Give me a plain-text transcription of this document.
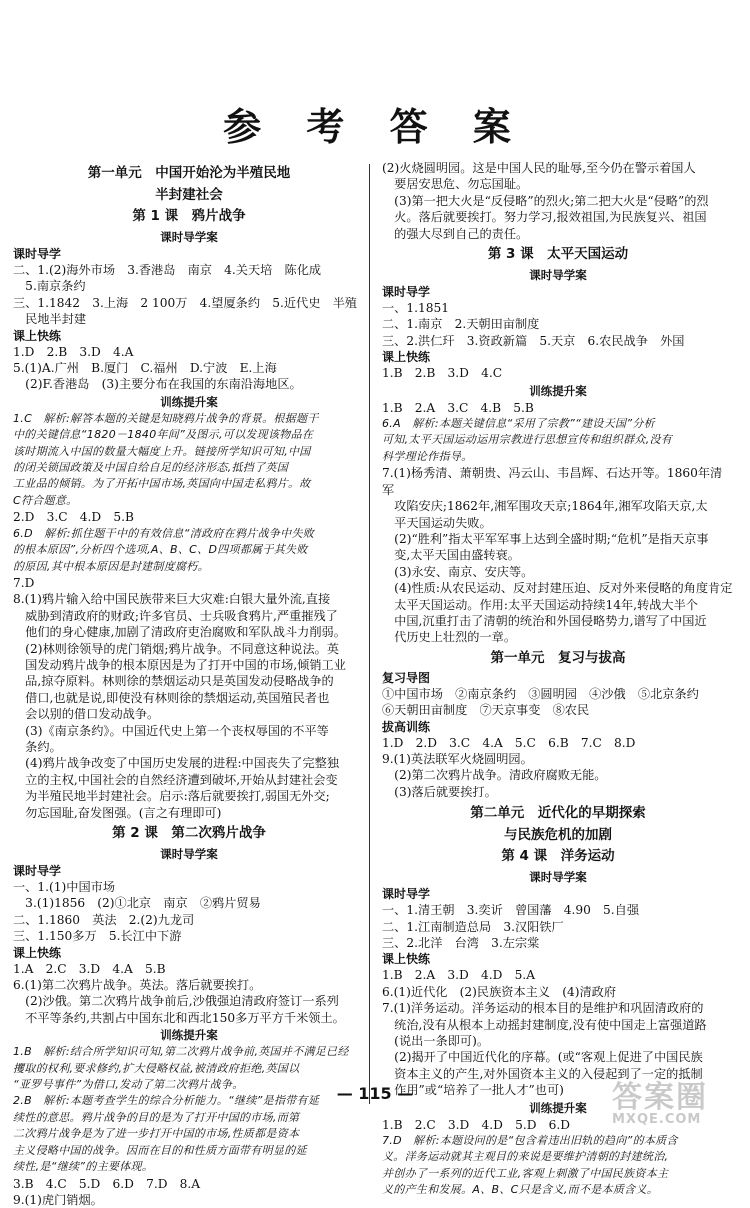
参 考 答 案
第一单元　中国开始沦为半殖民地
半封建社会
第 1 课　鸦片战争
课时导学案
课时导学
二、1.(2)海外市场　3.香港岛　南京　4.关天培　陈化成
　5.南京条约
三、1.1842　3.上海　2 100万　4.望厦条约　5.近代史　半殖
　民地半封建
课上快练
1.D　2.B　3.D　4.A
5.(1)A.广州　B.厦门　C.福州　D.宁波　E.上海
　(2)F.香港岛　(3)主要分布在我国的东南沿海地区。
训练提升案
1.C　解析:解答本题的关键是知晓鸦片战争的背景。根据题干
中的关键信息“1820－1840年间”及图示,可以发现该物品在
该时期流入中国的数量大幅度上升。链接所学知识可知,中国
的闭关锁国政策及中国自给自足的经济形态,抵挡了英国
工业品的倾销。为了开拓中国市场,英国向中国走私鸦片。故
C符合题意。
2.D　3.C　4.D　5.B
6.D　解析:抓住题干中的有效信息“清政府在鸦片战争中失败
的根本原因”,分析四个选项,A、B、C、D四项都属于其失败
的原因,其中根本原因是封建制度腐朽。
7.D
8.(1)鸦片输入给中国民族带来巨大灾难:白银大量外流,直接
　威胁到清政府的财政;许多官员、士兵吸食鸦片,严重摧残了
　他们的身心健康,加剧了清政府吏治腐败和军队战斗力削弱。
　(2)林则徐领导的虎门销烟;鸦片战争。不同意这种说法。英
　国发动鸦片战争的根本原因是为了打开中国的市场,倾销工业
　品,掠夺原料。林则徐的禁烟运动只是英国发动侵略战争的
　借口,也就是说,即使没有林则徐的禁烟运动,英国殖民者也
　会以别的借口发动战争。
　(3)《南京条约》。中国近代史上第一个丧权辱国的不平等
　条约。
　(4)鸦片战争改变了中国历史发展的进程:中国丧失了完整独
　立的主权,中国社会的自然经济遭到破坏,开始从封建社会变
　为半殖民地半封建社会。启示:落后就要挨打,弱国无外交;
　勿忘国耻,奋发图强。(言之有理即可)
第 2 课　第二次鸦片战争
课时导学案
课时导学
一、1.(1)中国市场
　3.(1)1856　(2)①北京　南京　②鸦片贸易
二、1.1860　英法　2.(2)九龙司
三、1.150多万　5.长江中下游
课上快练
1.A　2.C　3.D　4.A　5.B
6.(1)第二次鸦片战争。英法。落后就要挨打。
　(2)沙俄。第二次鸦片战争前后,沙俄强迫清政府签订一系列
　不平等条约,共割占中国东北和西北150多万平方千米领土。
训练提升案
1.B　解析:结合所学知识可知,第二次鸦片战争前,英国并不满足已经
攫取的权利,要求修约,扩大侵略权益,被清政府拒绝,英国以
“亚罗号事件”为借口,发动了第二次鸦片战争。
2.B　解析:本题考查学生的综合分析能力。“继续”是指带有延
续性的意思。鸦片战争的目的是为了打开中国的市场,而第
二次鸦片战争是为了进一步打开中国的市场,性质都是资本
主义侵略中国的战争。因而在目的和性质方面带有明显的延
续性,是“继续”的主要体现。
3.B　4.C　5.D　6.D　7.D　8.A
9.(1)虎门销烟。
(2)火烧圆明园。这是中国人民的耻辱,至今仍在警示着国人
　要居安思危、勿忘国耻。
　(3)第一把大火是“反侵略”的烈火;第二把大火是“侵略”的烈
　火。落后就要挨打。努力学习,报效祖国,为民族复兴、祖国
　的强大尽到自己的责任。
第 3 课　太平天国运动
课时导学案
课时导学
一、1.1851
二、1.南京　2.天朝田亩制度
三、2.洪仁玕　3.资政新篇　5.天京　6.农民战争　外国
课上快练
1.B　2.B　3.D　4.C
训练提升案
1.B　2.A　3.C　4.B　5.B
6.A　解析:本题关键信息“采用了宗教”“建设天国”分析
可知,太平天国运动运用宗教进行思想宣传和组织群众,没有
科学理论作指导。
7.(1)杨秀清、萧朝贵、冯云山、韦昌辉、石达开等。1860年清军
　攻陷安庆;1862年,湘军围攻天京;1864年,湘军攻陷天京,太
　平天国运动失败。
　(2)“胜利”指太平军军事上达到全盛时期;“危机”是指天京事
　变,太平天国由盛转衰。
　(3)永安、南京、安庆等。
　(4)性质:从农民运动、反对封建压迫、反对外来侵略的角度肯定
　太平天国运动。作用:太平天国运动持续14年,转战大半个
　中国,沉重打击了清朝的统治和外国侵略势力,谱写了中国近
　代历史上壮烈的一章。
第一单元　复习与拔高
复习导图
①中国市场　②南京条约　③圆明园　④沙俄　⑤北京条约
⑥天朝田亩制度　⑦天京事变　⑧农民
拔高训练
1.D　2.D　3.C　4.A　5.C　6.B　7.C　8.D
9.(1)英法联军火烧圆明园。
　(2)第二次鸦片战争。清政府腐败无能。
　(3)落后就要挨打。
第二单元　近代化的早期探索
与民族危机的加剧
第 4 课　洋务运动
课时导学案
课时导学
一、1.清王朝　3.奕䜣　曾国藩　4.90　5.自强
二、1.江南制造总局　3.汉阳铁厂
三、2.北洋　台湾　3.左宗棠
课上快练
1.B　2.A　3.D　4.D　5.A
6.(1)近代化　(2)民族资本主义　(4)清政府
7.(1)洋务运动。洋务运动的根本目的是维护和巩固清政府的
　统治,没有从根本上动摇封建制度,没有使中国走上富强道路
　(说出一条即可)。
　(2)揭开了中国近代化的序幕。(或“客观上促进了中国民族
　资本主义的产生,对外国资本主义的入侵起到了一定的抵制
　作用”或“培养了一批人才”也可)
训练提升案
1.B　2.C　3.D　4.D　5.D　6.D
7.D　解析:本题设问的是“包含着违出旧轨的趋向”的本质含
义。洋务运动就其主观目的来说是要维护清朝的封建统治,
并创办了一系列的近代工业,客观上刺激了中国民族资本主
义的产生和发展。A、B、C只是含义,而不是本质含义。
— 115 —	答案圈
MXQE.COM
